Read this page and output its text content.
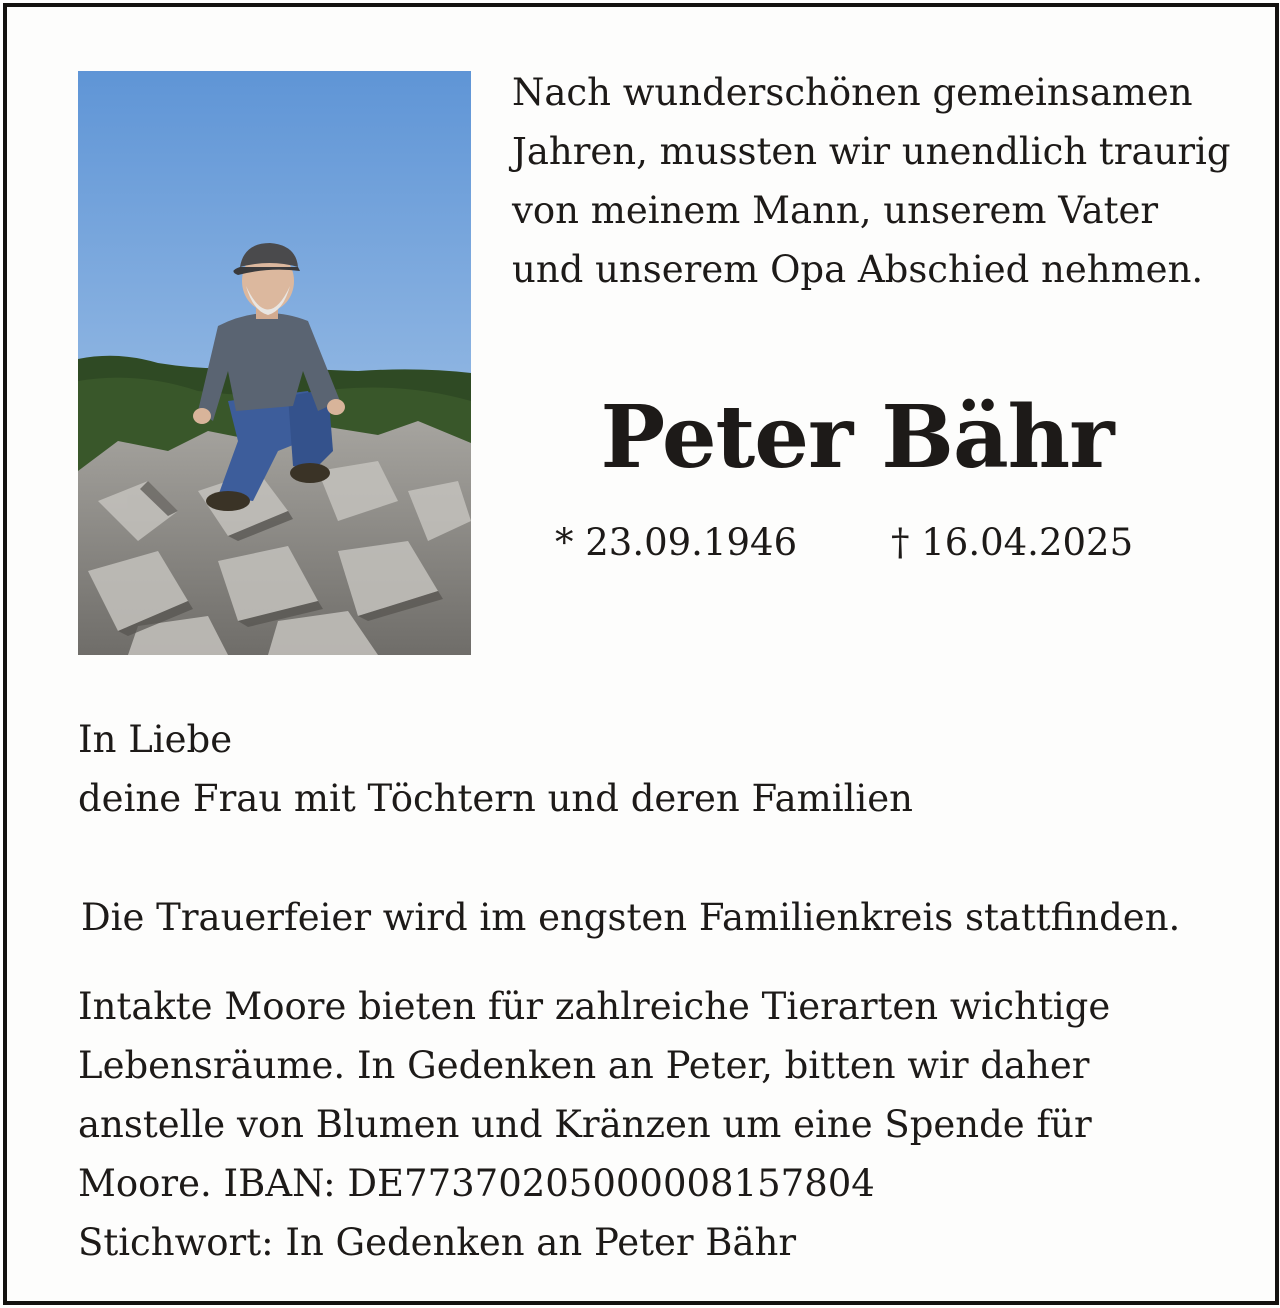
Nach wunderschönen gemeinsamen
Jahren, mussten wir unendlich traurig
von meinem Mann, unserem Vater
und unserem Opa Abschied nehmen.

Peter Bähr
* 23.09.1946	† 16.04.2025

In Liebe
deine Frau mit Töchtern und deren Familien

Die Trauerfeier wird im engsten Familienkreis stattfinden.

Intakte Moore bieten für zahlreiche Tierarten wichtige
Lebensräume. In Gedenken an Peter, bitten wir daher
anstelle von Blumen und Kränzen um eine Spende für
Moore. IBAN: DE77370205000008157804
Stichwort: In Gedenken an Peter Bähr
